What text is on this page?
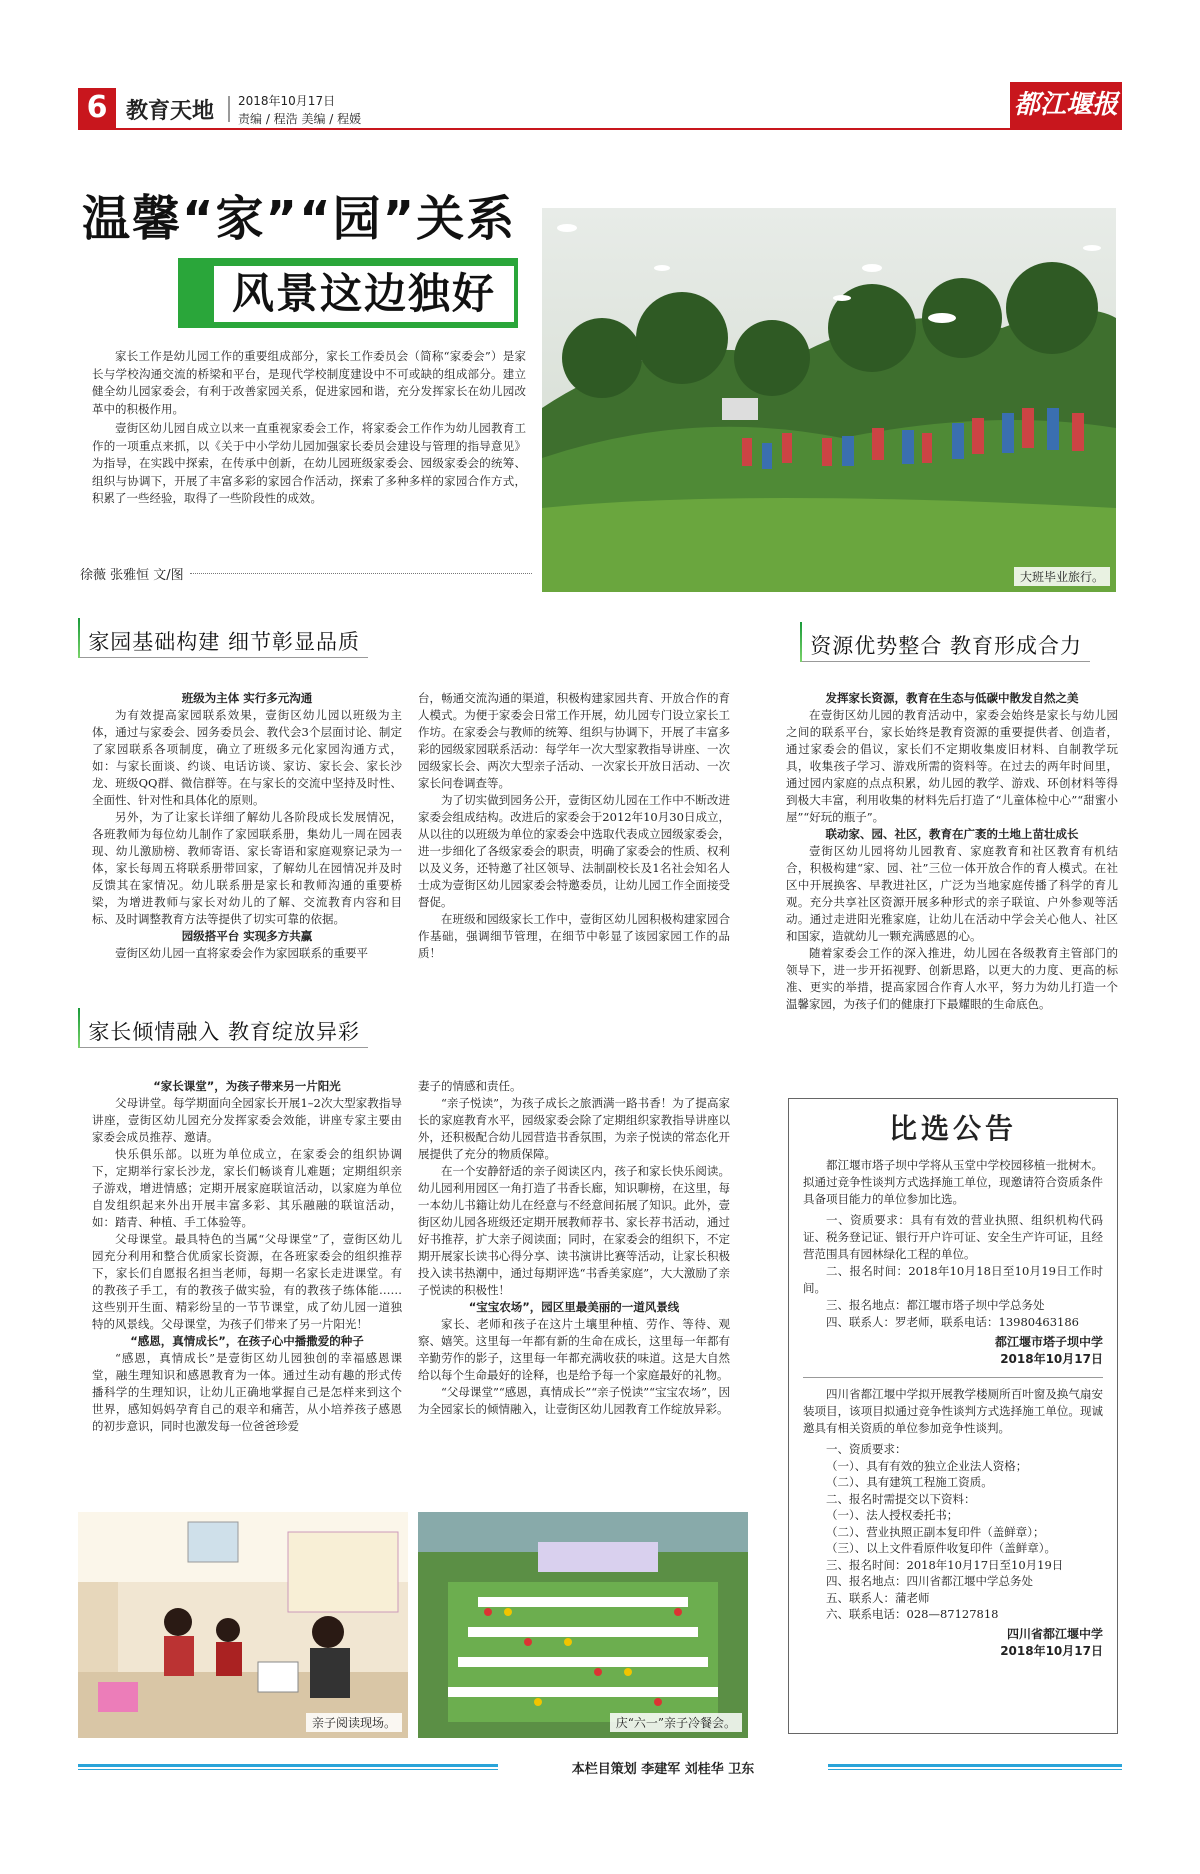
6 教育天地 2018年10月17日
责编 / 程浩 美编 / 程媛	都江堰报
温馨“家”“园”关系
风景这边独好

家长工作是幼儿园工作的重要组成部分，家长工作委员会（简称“家委会”）是家长与学校沟通交流的桥梁和平台，是现代学校制度建设中不可或缺的组成部分。建立健全幼儿园家委会，有利于改善家园关系，促进家园和谐，充分发挥家长在幼儿园改革中的积极作用。

壹街区幼儿园自成立以来一直重视家委会工作，将家委会工作作为幼儿园教育工作的一项重点来抓，以《关于中小学幼儿园加强家长委员会建设与管理的指导意见》为指导，在实践中探索，在传承中创新，在幼儿园班级家委会、园级家委会的统筹、组织与协调下，开展了丰富多彩的家园合作活动，探索了多种多样的家园合作方式，积累了一些经验，取得了一些阶段性的成效。

徐薇 张雅恒 文/图	大班毕业旅行。
家园基础构建 细节彰显品质
班级为主体 实行多元沟通

为有效提高家园联系效果，壹街区幼儿园以班级为主体，通过与家委会、园务委员会、教代会3个层面讨论、制定了家园联系各项制度，确立了班级多元化家园沟通方式，如：与家长面谈、约谈、电话访谈、家访、家长会、家长沙龙、班级QQ群、微信群等。在与家长的交流中坚持及时性、全面性、针对性和具体化的原则。

另外，为了让家长详细了解幼儿各阶段成长发展情况，各班教师为每位幼儿制作了家园联系册，集幼儿一周在园表现、幼儿激励榜、教师寄语、家长寄语和家庭观察记录为一体，家长每周五将联系册带回家，了解幼儿在园情况并及时反馈其在家情况。幼儿联系册是家长和教师沟通的重要桥梁，为增进教师与家长对幼儿的了解、交流教育内容和目标、及时调整教育方法等提供了切实可靠的依据。

园级搭平台 实现多方共赢

壹街区幼儿园一直将家委会作为家园联系的重要平

台，畅通交流沟通的渠道，积极构建家园共育、开放合作的育人模式。为便于家委会日常工作开展，幼儿园专门设立家长工作坊。在家委会与教师的统筹、组织与协调下，开展了丰富多彩的园级家园联系活动：每学年一次大型家教指导讲座、一次园级家长会、两次大型亲子活动、一次家长开放日活动、一次家长问卷调查等。

为了切实做到园务公开，壹街区幼儿园在工作中不断改进家委会组成结构。改进后的家委会于2012年10月30日成立，从以往的以班级为单位的家委会中选取代表成立园级家委会，进一步细化了各级家委会的职责，明确了家委会的性质、权利以及义务，还特邀了社区领导、法制副校长及1名社会知名人士成为壹街区幼儿园家委会特邀委员，让幼儿园工作全面接受督促。

在班级和园级家长工作中，壹街区幼儿园积极构建家园合作基础，强调细节管理，在细节中彰显了该园家园工作的品质！

家长倾情融入 教育绽放异彩
“家长课堂”，为孩子带来另一片阳光

父母讲堂。每学期面向全园家长开展1–2次大型家教指导讲座，壹街区幼儿园充分发挥家委会效能，讲座专家主要由家委会成员推荐、邀请。

快乐俱乐部。以班为单位成立，在家委会的组织协调下，定期举行家长沙龙，家长们畅谈育儿难题；定期组织亲子游戏，增进情感；定期开展家庭联谊活动，以家庭为单位自发组织起来外出开展丰富多彩、其乐融融的联谊活动，如：踏青、种植、手工体验等。

父母课堂。最具特色的当属“父母课堂”了，壹街区幼儿园充分利用和整合优质家长资源，在各班家委会的组织推荐下，家长们自愿报名担当老师，每期一名家长走进课堂。有的教孩子手工，有的教孩子做实验，有的教孩子练体能……这些别开生面、精彩纷呈的一节节课堂，成了幼儿园一道独特的风景线。父母课堂，为孩子们带来了另一片阳光！

“感恩，真情成长”，在孩子心中播撒爱的种子

“感恩，真情成长”是壹街区幼儿园独创的幸福感恩课堂，融生理知识和感恩教育为一体。通过生动有趣的形式传播科学的生理知识，让幼儿正确地掌握自己是怎样来到这个世界，感知妈妈孕育自己的艰辛和痛苦，从小培养孩子感恩的初步意识，同时也激发每一位爸爸珍爱

妻子的情感和责任。

“亲子悦读”，为孩子成长之旅洒满一路书香！为了提高家长的家庭教育水平，园级家委会除了定期组织家教指导讲座以外，还积极配合幼儿园营造书香氛围，为亲子悦读的常态化开展提供了充分的物质保障。

在一个安静舒适的亲子阅读区内，孩子和家长快乐阅读。幼儿园利用园区一角打造了书香长廊，知识聊榜，在这里，每一本幼儿书籍让幼儿在经意与不经意间拓展了知识。此外，壹街区幼儿园各班级还定期开展教师荐书、家长荐书活动，通过好书推荐，扩大亲子阅读面；同时，在家委会的组织下，不定期开展家长读书心得分享、读书演讲比赛等活动，让家长积极投入读书热潮中，通过每期评选“书香美家庭”，大大激励了亲子悦读的积极性！

“宝宝农场”，园区里最美丽的一道风景线

家长、老师和孩子在这片土壤里种植、劳作、等待、观察、嬉笑。这里每一年都有新的生命在成长，这里每一年都有辛勤劳作的影子，这里每一年都充满收获的味道。这是大自然给以每个生命最好的诠释，也是给予每一个家庭最好的礼物。

“父母课堂”“感恩，真情成长”“亲子悦读”“宝宝农场”，因为全园家长的倾情融入，让壹街区幼儿园教育工作绽放异彩。

亲子阅读现场。	庆“六一”亲子冷餐会。
资源优势整合 教育形成合力
发挥家长资源，教育在生态与低碳中散发自然之美

在壹街区幼儿园的教育活动中，家委会始终是家长与幼儿园之间的联系平台，家长始终是教育资源的重要提供者、创造者，通过家委会的倡议，家长们不定期收集废旧材料、自制教学玩具，收集孩子学习、游戏所需的资料等。在过去的两年时间里，通过园内家庭的点点积累，幼儿园的教学、游戏、环创材料等得到极大丰富，利用收集的材料先后打造了“儿童体检中心”“甜蜜小屋”“好玩的瓶子”。

联动家、园、社区，教育在广袤的土地上苗壮成长

壹街区幼儿园将幼儿园教育、家庭教育和社区教育有机结合，积极构建“家、园、社”三位一体开放合作的育人模式。在社区中开展换客、早教进社区，广泛为当地家庭传播了科学的育儿观。充分共享社区资源开展多种形式的亲子联谊、户外参观等活动。通过走进阳光雅家庭，让幼儿在活动中学会关心他人、社区和国家，造就幼儿一颗充满感恩的心。

随着家委会工作的深入推进，幼儿园在各级教育主管部门的领导下，进一步开拓视野、创新思路，以更大的力度、更高的标准、更实的举措，提高家园合作育人水平，努力为幼儿打造一个温馨家园，为孩子们的健康打下最耀眼的生命底色。

比选公告

都江堰市塔子坝中学将从玉堂中学校园移植一批树木。拟通过竞争性谈判方式选择施工单位，现邀请符合资质条件具备项目能力的单位参加比选。

一、资质要求：具有有效的营业执照、组织机构代码证、税务登记证、银行开户许可证、安全生产许可证，且经营范围具有园林绿化工程的单位。
二、报名时间：2018年10月18日至10月19日工作时间。
三、报名地点：都江堰市塔子坝中学总务处
四、联系人：罗老师，联系电话：13980463186
都江堰市塔子坝中学
2018年10月17日

四川省都江堰中学拟开展教学楼厕所百叶窗及换气扇安装项目，该项目拟通过竞争性谈判方式选择施工单位。现诚邀具有相关资质的单位参加竞争性谈判。

一、资质要求：
（一）、具有有效的独立企业法人资格；
（二）、具有建筑工程施工资质。
二、报名时需提交以下资料：
（一）、法人授权委托书；
（二）、营业执照正副本复印件（盖鲜章）；
（三）、以上文件看原件收复印件（盖鲜章）。
三、报名时间：2018年10月17日至10月19日
四、报名地点：四川省都江堰中学总务处
五、联系人：蒲老师
六、联系电话：028—87127818
四川省都江堰中学
2018年10月17日
本栏目策划 李建军 刘桂华 卫东
